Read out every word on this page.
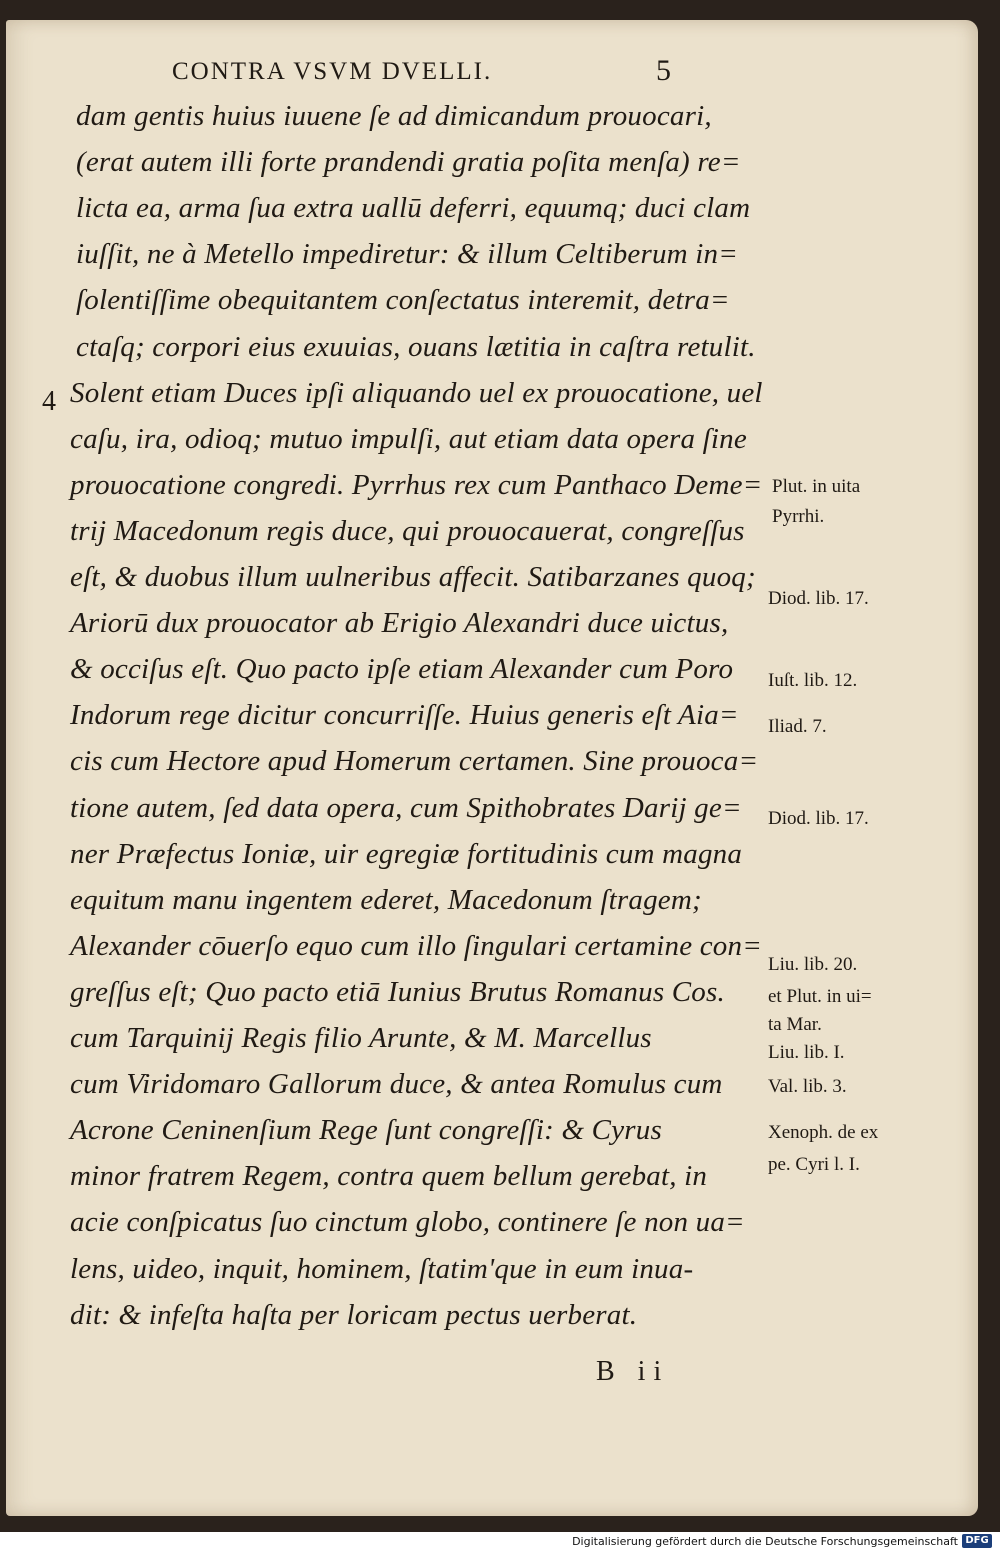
CONTRA VSVM DVELLI.	5
4
dam gentis huius iuuene ſe ad dimicandum prouocari,
(erat autem illi forte prandendi gratia poſita menſa) re=
licta ea, arma ſua extra uallū deferri, equumq; duci clam
iuſſit, ne à Metello impediretur: & illum Celtiberum in=
ſolentiſſime obequitantem conſectatus interemit, detra=
ctaſq; corpori eius exuuias, ouans lætitia in caſtra retulit.
Solent etiam Duces ipſi aliquando uel ex prouocatione, uel
caſu, ira, odioq; mutuo impulſi, aut etiam data opera ſine
prouocatione congredi. Pyrrhus rex cum Panthaco Deme=
trij Macedonum regis duce, qui prouocauerat, congreſſus
eſt, & duobus illum uulneribus affecit. Satibarzanes quoq;
Ariorū dux prouocator ab Erigio Alexandri duce uictus,
& occiſus eſt. Quo pacto ipſe etiam Alexander cum Poro
Indorum rege dicitur concurriſſe. Huius generis eſt Aia=
cis cum Hectore apud Homerum certamen. Sine prouoca=
tione autem, ſed data opera, cum Spithobrates Darij ge=
ner Præfectus Ioniæ, uir egregiæ fortitudinis cum magna
equitum manu ingentem ederet, Macedonum ſtragem;
Alexander cōuerſo equo cum illo ſingulari certamine con=
greſſus eſt; Quo pacto etiā Iunius Brutus Romanus Cos.
cum Tarquinij Regis filio Arunte, & M. Marcellus
cum Viridomaro Gallorum duce, & antea Romulus cum
Acrone Ceninenſium Rege ſunt congreſſi: & Cyrus
minor fratrem Regem, contra quem bellum gerebat, in
acie conſpicatus ſuo cinctum globo, continere ſe non ua=
lens, uideo, inquit, hominem, ſtatim'que in eum inua-
dit: & infeſta haſta per loricam pectus uerberat.
Plut. in uita
Pyrrhi.
Diod. lib. 17.
Iuſt. lib. 12.
Iliad. 7.
Diod. lib. 17.
Liu. lib. 20.
et Plut. in ui=
ta Mar.
Liu. lib. I.
Val. lib. 3.
Xenoph. de ex
pe. Cyri l. I.
B ii
Digitalisierung gefördert durch die Deutsche Forschungsgemeinschaft DFG
